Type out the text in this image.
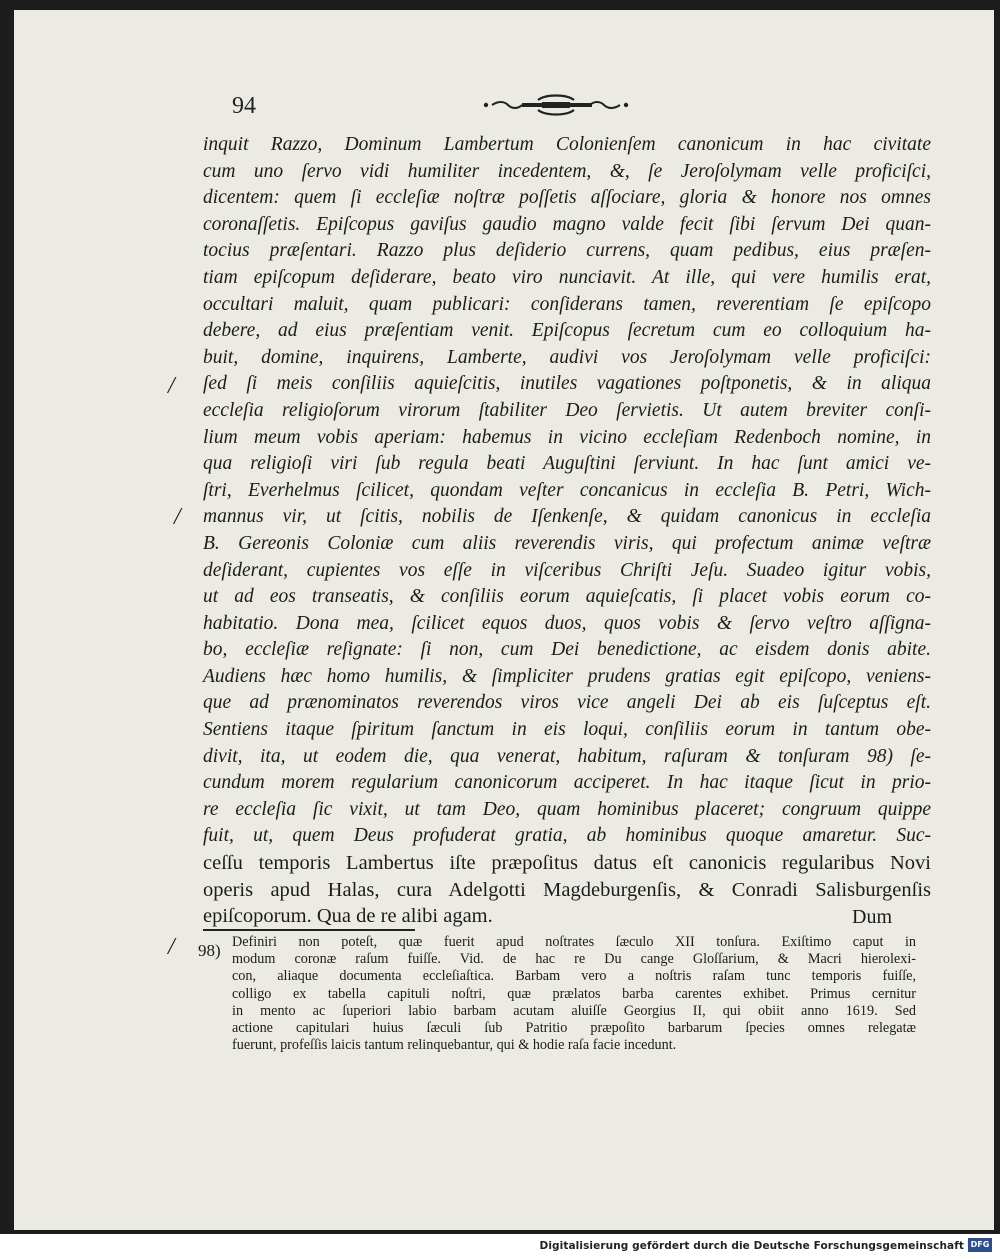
94
inquit Razzo, Dominum Lambertum Colonienſem canonicum in hac civitate
cum uno ſervo vidi humiliter incedentem, &, ſe Jeroſolymam velle proficiſci,
dicentem: quem ſi eccleſiæ noſtræ poſſetis aſſociare, gloria & honore nos omnes
coronaſſetis. Epiſcopus gaviſus gaudio magno valde fecit ſibi ſervum Dei quan-
tocius præſentari. Razzo plus deſiderio currens, quam pedibus, eius præſen-
tiam epiſcopum deſiderare, beato viro nunciavit. At ille, qui vere humilis erat,
occultari maluit, quam publicari: conſiderans tamen, reverentiam ſe epiſcopo
debere, ad eius præſentiam venit. Epiſcopus ſecretum cum eo colloquium ha-
buit, domine, inquirens, Lamberte, audivi vos Jeroſolymam velle proficiſci:
ſed ſi meis conſiliis aquieſcitis, inutiles vagationes poſtponetis, & in aliqua
eccleſia religioſorum virorum ſtabiliter Deo ſervietis. Ut autem breviter conſi-
lium meum vobis aperiam: habemus in vicino eccleſiam Redenboch nomine, in
qua religioſi viri ſub regula beati Auguſtini ſerviunt. In hac ſunt amici ve-
ſtri, Everhelmus ſcilicet, quondam veſter concanicus in eccleſia B. Petri, Wich-
mannus vir, ut ſcitis, nobilis de Iſenkenſe, & quidam canonicus in eccleſia
B. Gereonis Coloniæ cum aliis reverendis viris, qui profectum animæ veſtræ
deſiderant, cupientes vos eſſe in viſceribus Chriſti Jeſu. Suadeo igitur vobis,
ut ad eos transeatis, & conſiliis eorum aquieſcatis, ſi placet vobis eorum co-
habitatio. Dona mea, ſcilicet equos duos, quos vobis & ſervo veſtro aſſigna-
bo, eccleſiæ reſignate: ſi non, cum Dei benedictione, ac eisdem donis abite.
Audiens hæc homo humilis, & ſimpliciter prudens gratias egit epiſcopo, veniens-
que ad prænominatos reverendos viros vice angeli Dei ab eis ſuſceptus eſt.
Sentiens itaque ſpiritum ſanctum in eis loqui, conſiliis eorum in tantum obe-
divit, ita, ut eodem die, qua venerat, habitum, raſuram & tonſuram 98) ſe-
cundum morem regularium canonicorum acciperet. In hac itaque ſicut in prio-
re eccleſia ſic vixit, ut tam Deo, quam hominibus placeret; congruum quippe
fuit, ut, quem Deus profuderat gratia, ab hominibus quoque amaretur. Suc-
ceſſu temporis Lambertus iſte præpoſitus datus eſt canonicis regularibus Novi
operis apud Halas, cura Adelgotti Magdeburgenſis, & Conradi Salisburgenſis
epiſcoporum. Qua de re alibi agam.
/
/
/
Dum
98) Definiri non poteſt, quæ fuerit apud noſtrates ſæculo XII tonſura. Exiſtimo caput in
modum coronæ raſum fuiſſe. Vid. de hac re Du cange Gloſſarium, & Macri hierolexi-
con, aliaque documenta eccleſiaſtica. Barbam vero a noſtris raſam tunc temporis fuiſſe,
colligo ex tabella capituli noſtri, quæ prælatos barba carentes exhibet. Primus cernitur
in mento ac ſuperiori labio barbam acutam aluiſſe Georgius II, qui obiit anno 1619. Sed
actione capitulari huius ſæculi ſub Patritio præpoſito barbarum ſpecies omnes relegatæ
fuerunt, profeſſis laicis tantum relinquebantur, qui & hodie raſa facie incedunt.
Digitalisierung gefördert durch die Deutsche Forschungsgemeinschaft DFG
